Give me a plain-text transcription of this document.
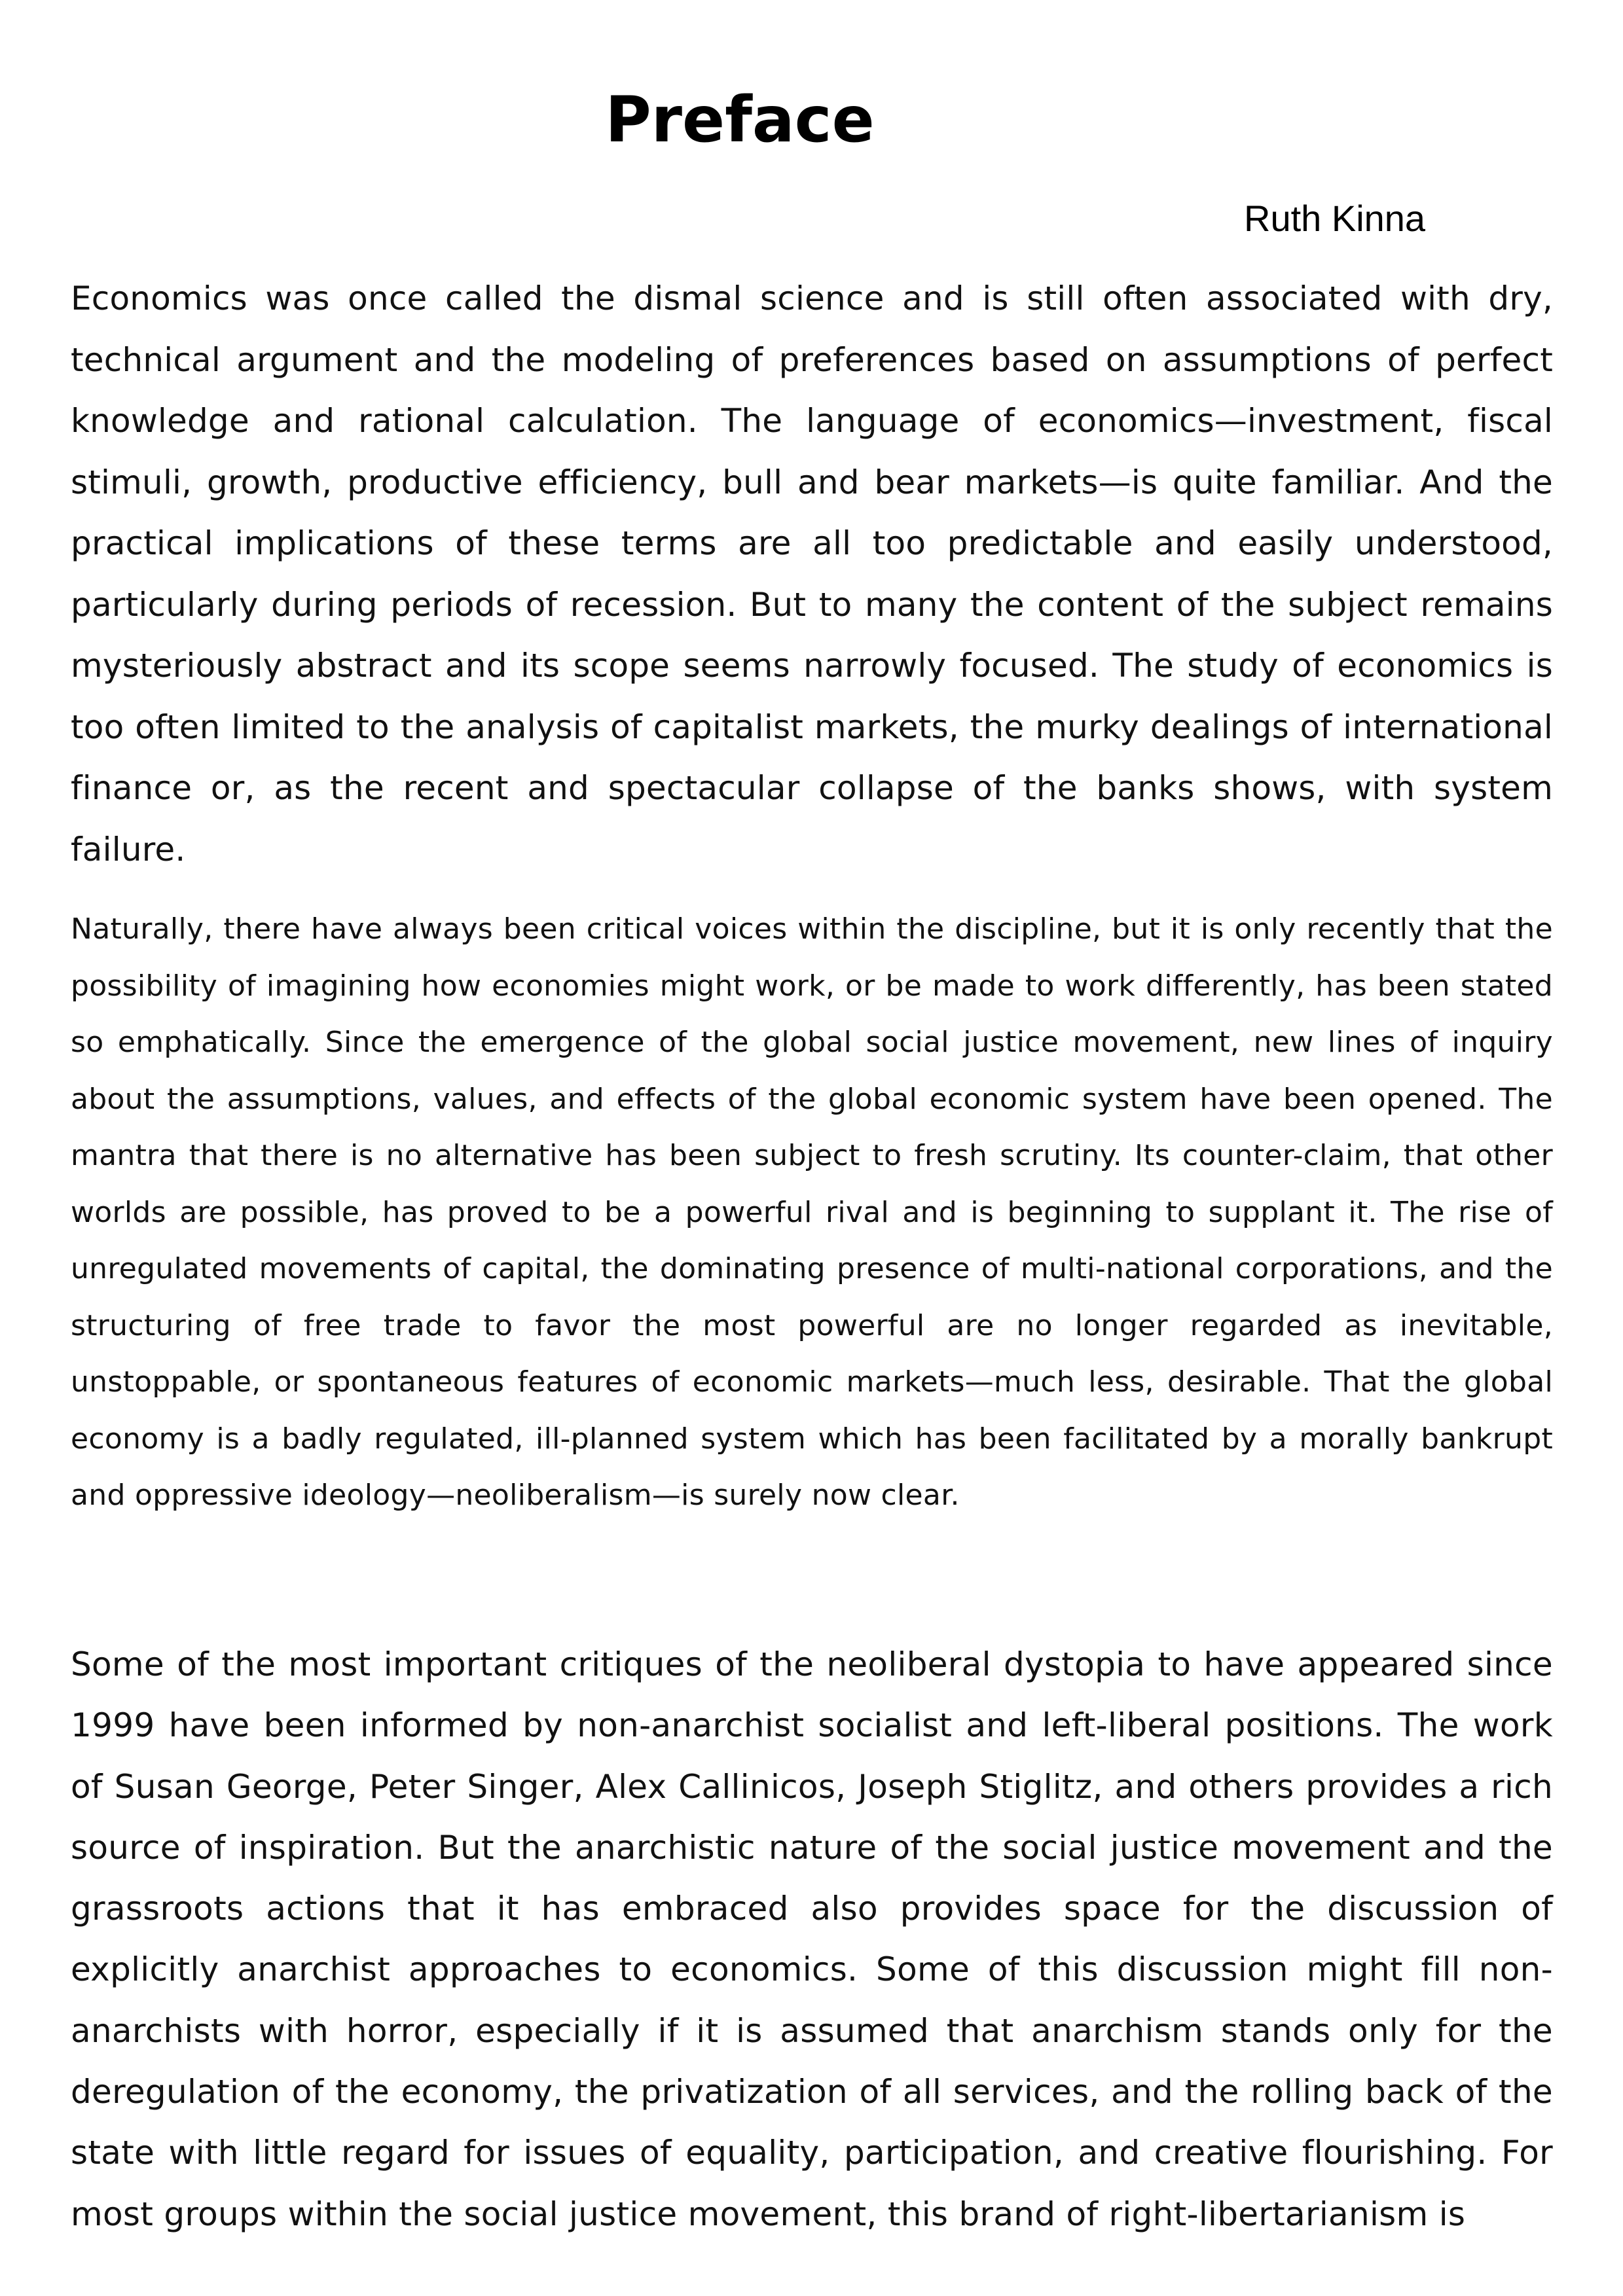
Preface

Ruth Kinna

Economics was once called the dismal science and is still often associated with dry, technical argument and the modeling of preferences based on assumptions of perfect knowledge and rational calculation. The language of economics—investment, fiscal stimuli, growth, productive efficiency, bull and bear markets—is quite familiar. And the practical implications of these terms are all too predictable and easily understood, particularly during periods of recession. But to many the content of the subject remains mysteriously abstract and its scope seems narrowly focused. The study of economics is too often limited to the analysis of capitalist markets, the murky dealings of international finance or, as the recent and spectacular collapse of the banks shows, with system failure.

Naturally, there have always been critical voices within the discipline, but it is only recently that the possibility of imagining how economies might work, or be made to work differently, has been stated so emphatically. Since the emergence of the global social justice movement, new lines of inquiry about the assumptions, values, and effects of the global economic system have been opened. The mantra that there is no alternative has been subject to fresh scrutiny. Its counter-claim, that other worlds are possible, has proved to be a powerful rival and is beginning to supplant it. The rise of unregulated movements of capital, the dominating presence of multi-national corporations, and the structuring of free trade to favor the most powerful are no longer regarded as inevitable, unstoppable, or spontaneous features of economic markets—much less, desirable. That the global economy is a badly regulated, ill-planned system which has been facilitated by a morally bankrupt and oppressive ideology—neoliberalism—is surely now clear.

Some of the most important critiques of the neoliberal dystopia to have appeared since 1999 have been informed by non-anarchist socialist and left-liberal positions. The work of Susan George, Peter Singer, Alex Callinicos, Joseph Stiglitz, and others provides a rich source of inspiration. But the anarchistic nature of the social justice movement and the grassroots actions that it has embraced also provides space for the discussion of explicitly anarchist approaches to economics. Some of this discussion might fill non-anarchists with horror, especially if it is assumed that anarchism stands only for the deregulation of the economy, the privatization of all services, and the rolling back of the state with little regard for issues of equality, participation, and creative flourishing. For most groups within the social justice movement, this brand of right-libertarianism is
